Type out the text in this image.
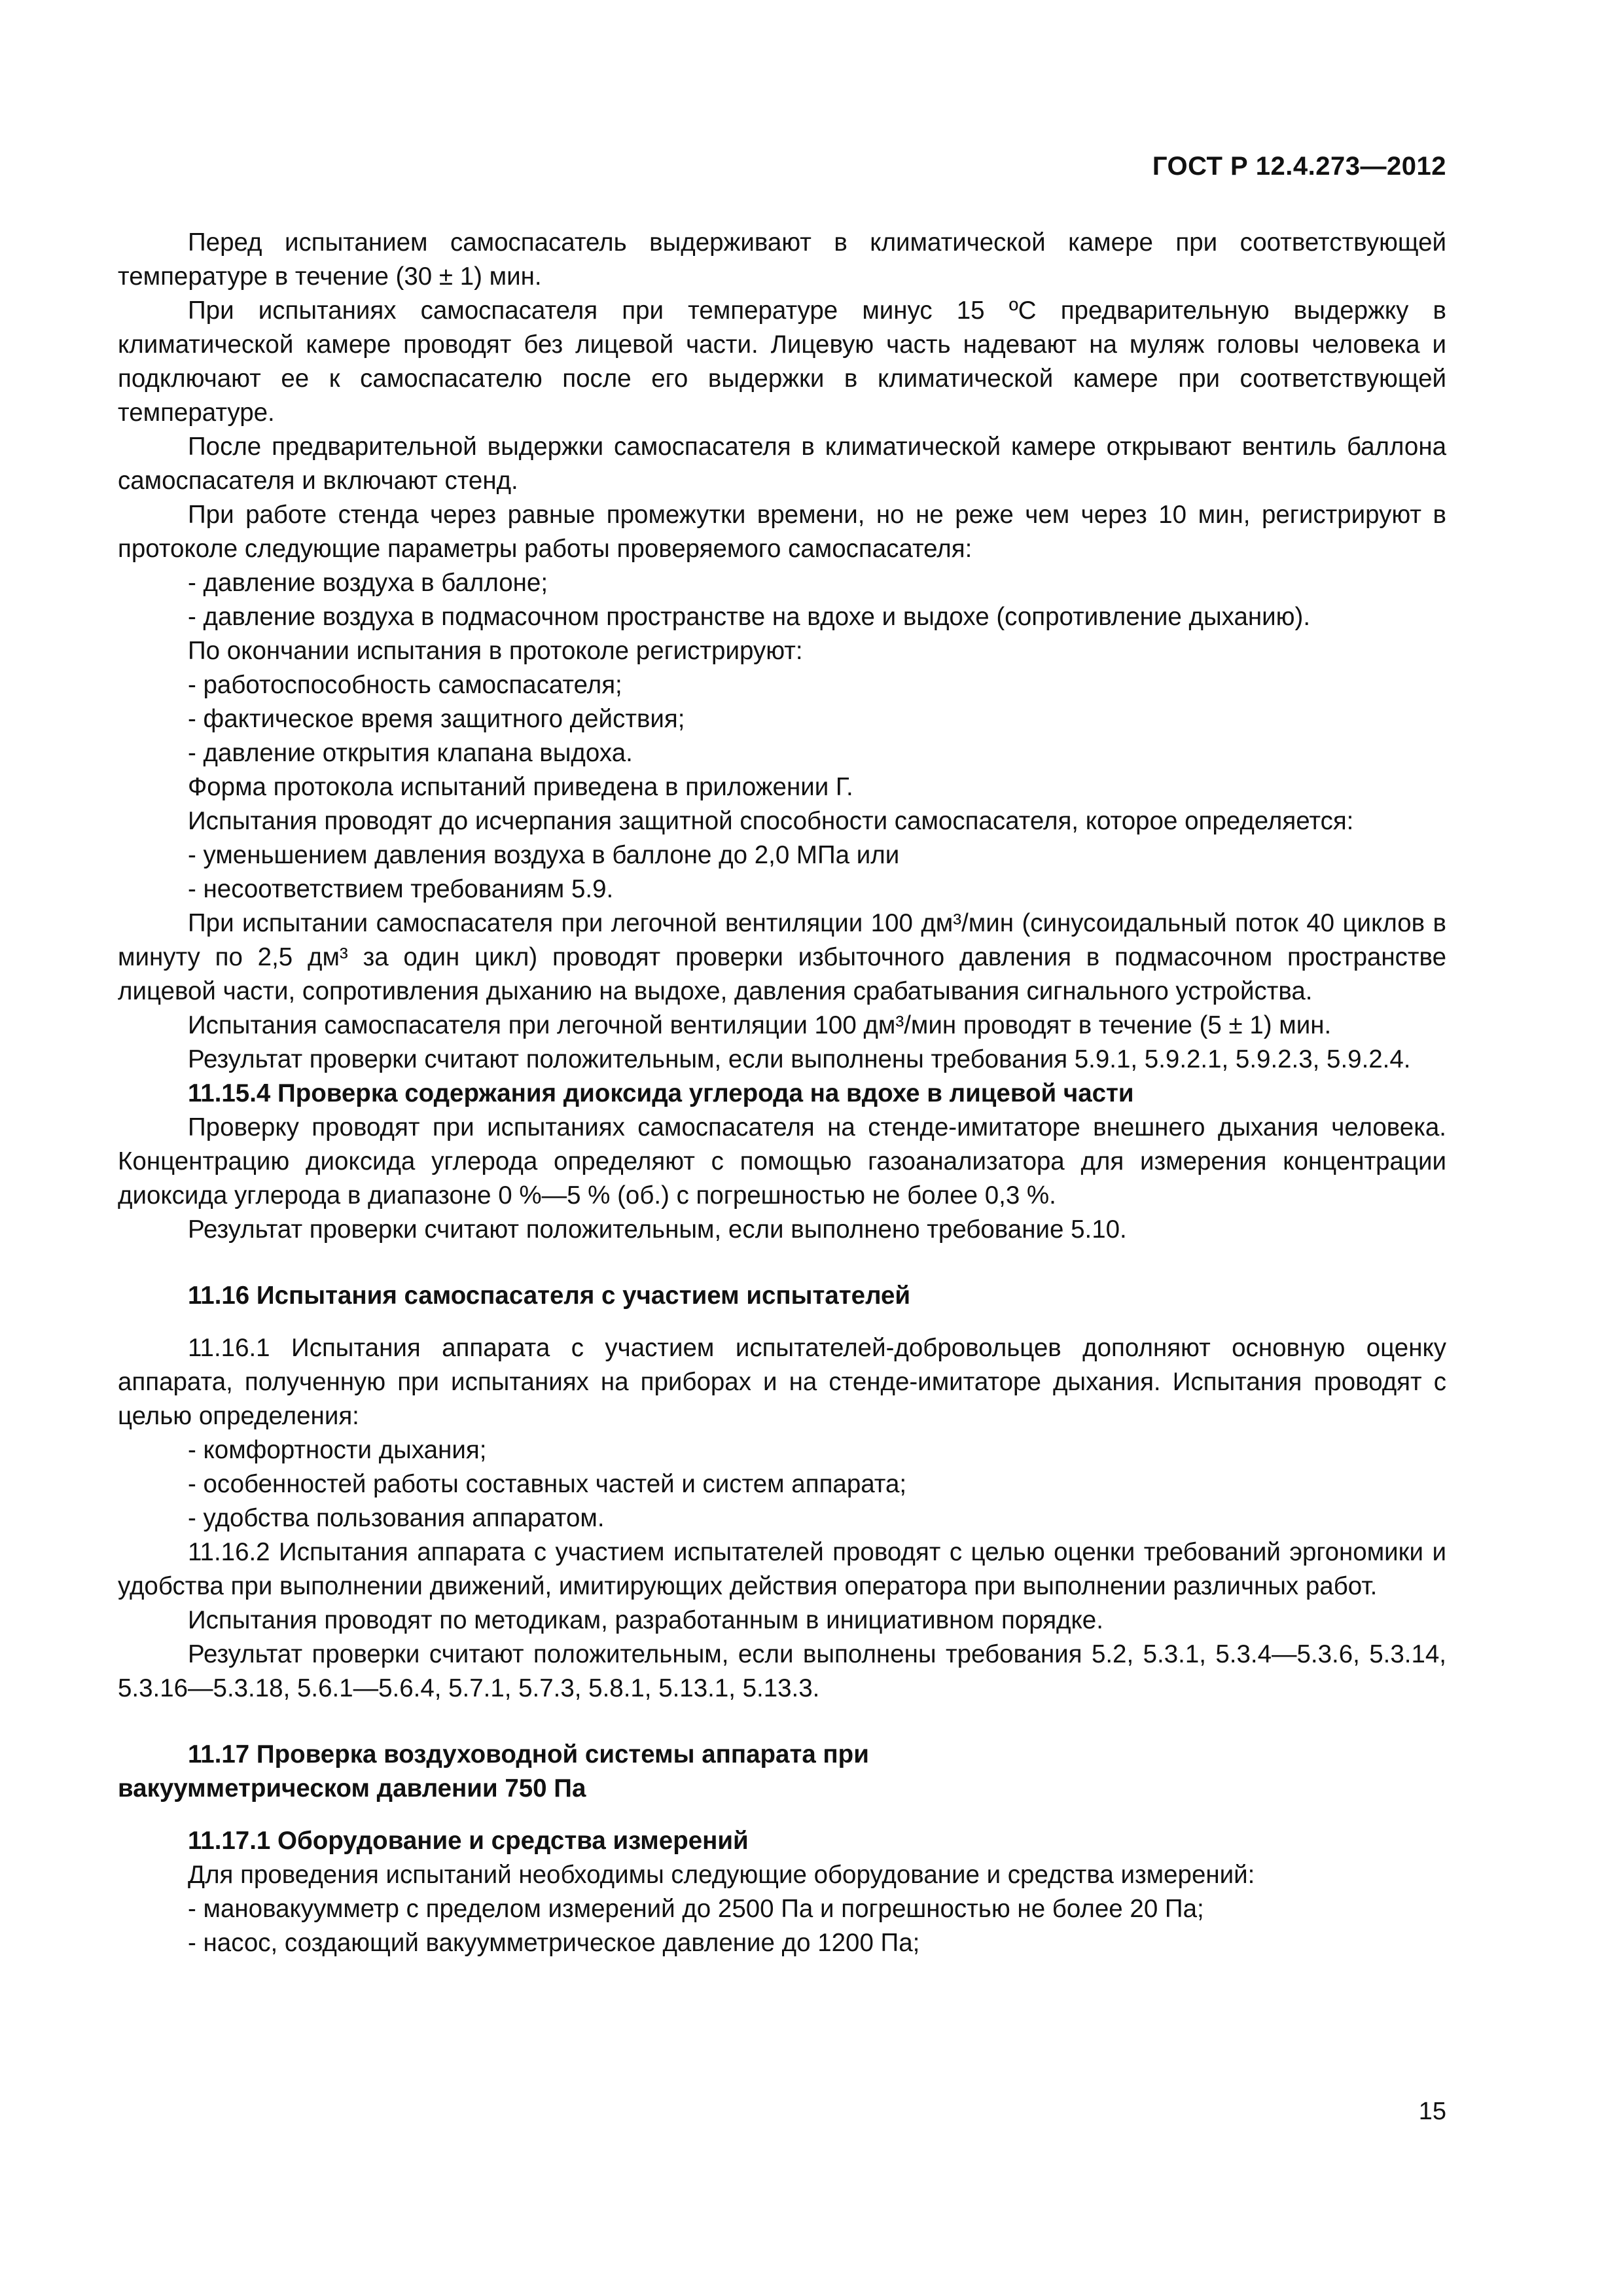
ГОСТ Р 12.4.273—2012

Перед испытанием самоспасатель выдерживают в климатической камере при соответствующей температуре в течение (30 ± 1) мин.

При испытаниях самоспасателя при температуре минус 15 ºС предварительную выдержку в климатической камере проводят без лицевой части. Лицевую часть надевают на муляж головы человека и подключают ее к самоспасателю после его выдержки в климатической камере при соответствующей температуре.

После предварительной выдержки самоспасателя в климатической камере открывают вентиль баллона самоспасателя и включают стенд.

При работе стенда через равные промежутки времени, но не реже чем через 10 мин, регистрируют в протоколе следующие параметры работы проверяемого самоспасателя:

- давление воздуха в баллоне;

- давление воздуха в подмасочном пространстве на вдохе и выдохе (сопротивление дыханию).

По окончании испытания в протоколе регистрируют:

- работоспособность самоспасателя;

- фактическое время защитного действия;

- давление открытия клапана выдоха.

Форма протокола испытаний приведена в приложении Г.

Испытания проводят до исчерпания защитной способности самоспасателя, которое определяется:

- уменьшением давления воздуха в баллоне до 2,0 МПа или

- несоответствием требованиям 5.9.

При испытании самоспасателя при легочной вентиляции 100 дм³/мин (синусоидальный поток 40 циклов в минуту по 2,5 дм³ за один цикл) проводят проверки избыточного давления в подмасочном пространстве лицевой части, сопротивления дыханию на выдохе, давления срабатывания сигнального устройства.

Испытания самоспасателя при легочной вентиляции 100 дм³/мин проводят в течение (5 ± 1) мин.

Результат проверки считают положительным, если выполнены требования 5.9.1, 5.9.2.1, 5.9.2.3, 5.9.2.4.

11.15.4 Проверка содержания диоксида углерода на вдохе в лицевой части

Проверку проводят при испытаниях самоспасателя на стенде-имитаторе внешнего дыхания человека. Концентрацию диоксида углерода определяют с помощью газоанализатора для измерения концентрации диоксида углерода в диапазоне 0 %—5 % (об.) с погрешностью не более 0,3 %.

Результат проверки считают положительным, если выполнено требование 5.10.

11.16 Испытания самоспасателя с участием испытателей

11.16.1 Испытания аппарата с участием испытателей-добровольцев дополняют основную оценку аппарата, полученную при испытаниях на приборах и на стенде-имитаторе дыхания. Испытания проводят с целью определения:

- комфортности дыхания;

- особенностей работы составных частей и систем аппарата;

- удобства пользования аппаратом.

11.16.2 Испытания аппарата с участием испытателей проводят с целью оценки требований эргономики и удобства при выполнении движений, имитирующих действия оператора при выполнении различных работ.

Испытания проводят по методикам, разработанным в инициативном порядке.

Результат проверки считают положительным, если выполнены требования 5.2, 5.3.1, 5.3.4—5.3.6, 5.3.14, 5.3.16—5.3.18, 5.6.1—5.6.4, 5.7.1, 5.7.3, 5.8.1, 5.13.1, 5.13.3.

11.17 Проверка воздуховодной системы аппарата при вакуумметрическом давлении 750 Па

11.17.1 Оборудование и средства измерений

Для проведения испытаний необходимы следующие оборудование и средства измерений:

- мановакуумметр с пределом измерений до 2500 Па и погрешностью не более 20 Па;

- насос, создающий вакуумметрическое давление до 1200 Па;

15
